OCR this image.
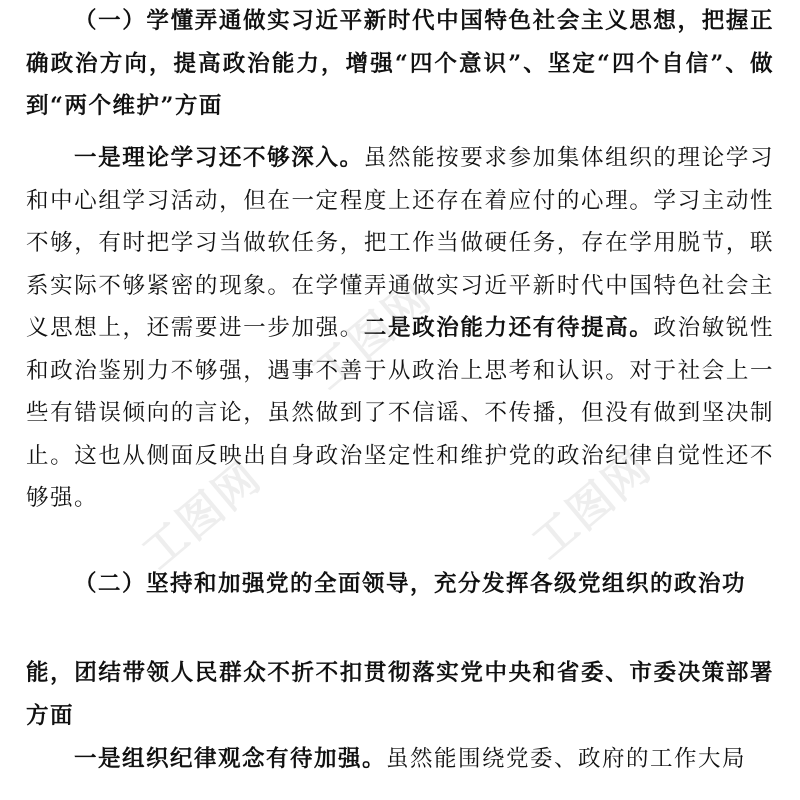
（一）学懂弄通做实习近平新时代中国特色社会主义思想，把握正确政治方向，提高政治能力，增强“四个意识”、坚定“四个自信”、做到“两个维护”方面

一是理论学习还不够深入。虽然能按要求参加集体组织的理论学习和中心组学习活动，但在一定程度上还存在着应付的心理。学习主动性不够，有时把学习当做软任务，把工作当做硬任务，存在学用脱节，联系实际不够紧密的现象。在学懂弄通做实习近平新时代中国特色社会主义思想上，还需要进一步加强。二是政治能力还有待提高。政治敏锐性和政治鉴别力不够强，遇事不善于从政治上思考和认识。对于社会上一些有错误倾向的言论，虽然做到了不信谣、不传播，但没有做到坚决制止。这也从侧面反映出自身政治坚定性和维护党的政治纪律自觉性还不够强。

（二）坚持和加强党的全面领导，充分发挥各级党组织的政治功

能，团结带领人民群众不折不扣贯彻落实党中央和省委、市委决策部署方面

一是组织纪律观念有待加强。虽然能围绕党委、政府的工作大局

工图网
工图网	工图网
